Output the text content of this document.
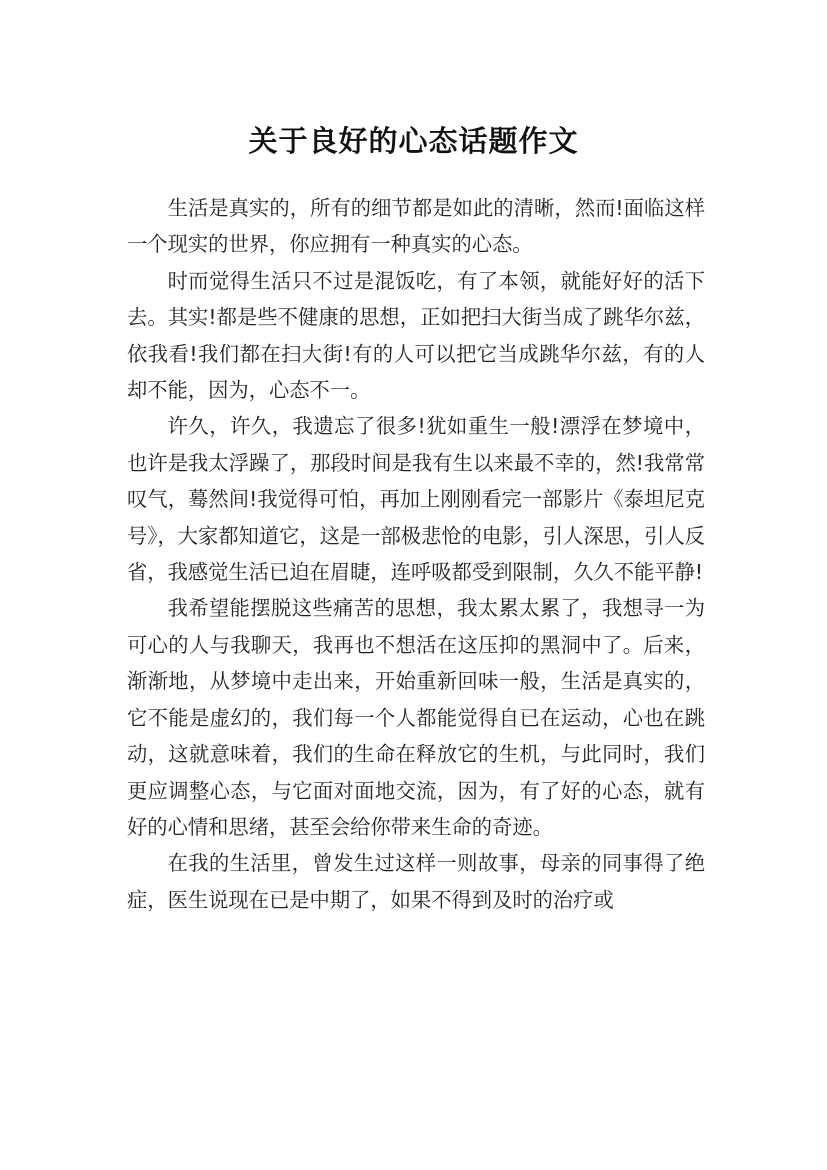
关于良好的心态话题作文

生活是真实的，所有的细节都是如此的清晰，然而!面临这样一个现实的世界，你应拥有一种真实的心态。

时而觉得生活只不过是混饭吃，有了本领，就能好好的活下去。其实!都是些不健康的思想，正如把扫大街当成了跳华尔兹，依我看!我们都在扫大街!有的人可以把它当成跳华尔兹，有的人却不能，因为，心态不一。

许久，许久，我遗忘了很多!犹如重生一般!漂浮在梦境中，也许是我太浮躁了，那段时间是我有生以来最不幸的，然!我常常叹气，蓦然间!我觉得可怕，再加上刚刚看完一部影片《泰坦尼克号》，大家都知道它，这是一部极悲怆的电影，引人深思，引人反省，我感觉生活已迫在眉睫，连呼吸都受到限制，久久不能平静!

我希望能摆脱这些痛苦的思想，我太累太累了，我想寻一为可心的人与我聊天，我再也不想活在这压抑的黑洞中了。后来，渐渐地，从梦境中走出来，开始重新回味一般，生活是真实的，它不能是虚幻的，我们每一个人都能觉得自已在运动，心也在跳动，这就意味着，我们的生命在释放它的生机，与此同时，我们更应调整心态，与它面对面地交流，因为，有了好的心态，就有好的心情和思绪，甚至会给你带来生命的奇迹。

在我的生活里，曾发生过这样一则故事，母亲的同事得了绝症，医生说现在已是中期了，如果不得到及时的治疗或
